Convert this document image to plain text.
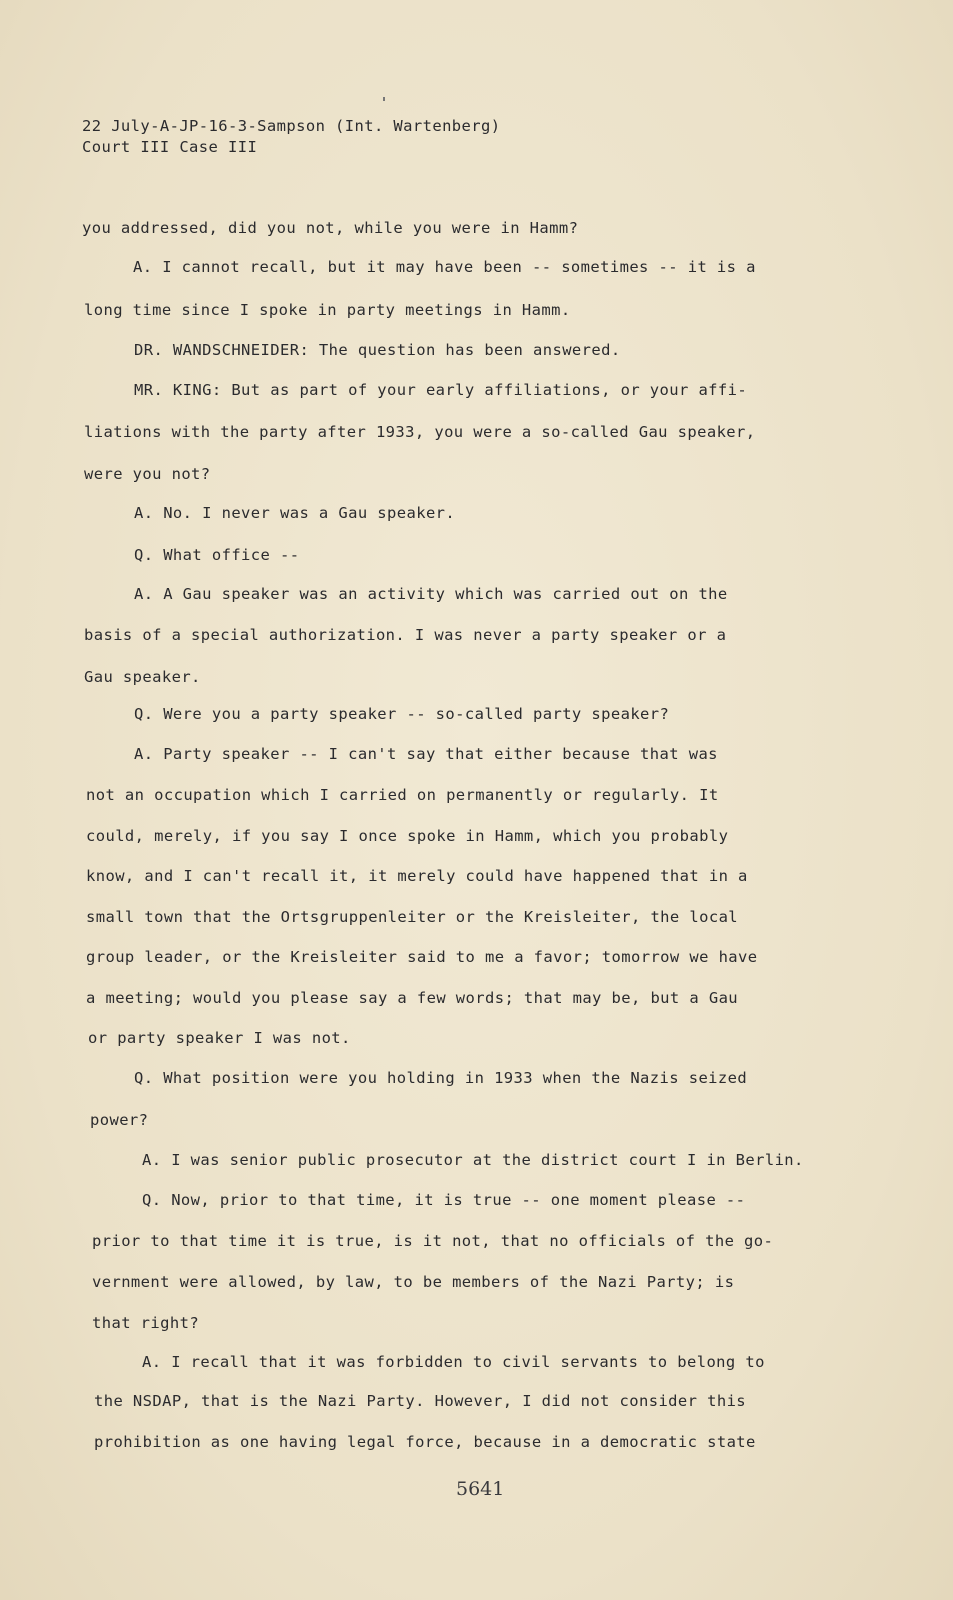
22 July-A-JP-16-3-Sampson (Int. Wartenberg)
Court III Case III
you addressed, did you not, while you were in Hamm?
A. I cannot recall, but it may have been -- sometimes -- it is a
long time since I spoke in party meetings in Hamm.
DR. WANDSCHNEIDER: The question has been answered.
MR. KING: But as part of your early affiliations, or your affi-
liations with the party after 1933, you were a so-called Gau speaker,
were you not?
A. No. I never was a Gau speaker.
Q. What office --
A. A Gau speaker was an activity which was carried out on the
basis of a special authorization. I was never a party speaker or a
Gau speaker.
Q. Were you a party speaker -- so-called party speaker?
A. Party speaker -- I can't say that either because that was
not an occupation which I carried on permanently or regularly. It
could, merely, if you say I once spoke in Hamm, which you probably
know, and I can't recall it, it merely could have happened that in a
small town that the Ortsgruppenleiter or the Kreisleiter, the local
group leader, or the Kreisleiter said to me a favor; tomorrow we have
a meeting; would you please say a few words; that may be, but a Gau
or party speaker I was not.
Q. What position were you holding in 1933 when the Nazis seized
power?
A. I was senior public prosecutor at the district court I in Berlin.
Q. Now, prior to that time, it is true -- one moment please --
prior to that time it is true, is it not, that no officials of the go-
vernment were allowed, by law, to be members of the Nazi Party; is
that right?
A. I recall that it was forbidden to civil servants to belong to
the NSDAP, that is the Nazi Party. However, I did not consider this
prohibition as one having legal force, because in a democratic state
5641
